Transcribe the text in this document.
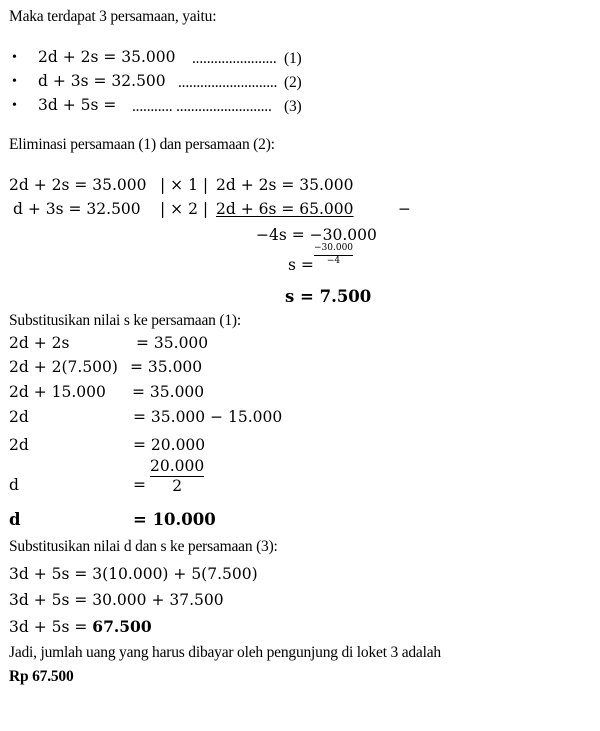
Maka terdapat 3 persamaan, yaitu:
• 2d + 2s = 35.000 ....................... (1)
• d + 3s = 32.500 ........................... (2)
• 3d + 5s = ........... .......................... (3)
Eliminasi persamaan (1) dan persamaan (2):
2d + 2s = 35.000 | × 1 | 2d + 2s = 35.000
d + 3s = 32.500 | × 2 | 2d + 6s = 65.000	−
−4s = −30.000
$s = \frac{-30.000}{-4}$
s = 7.500
Substitusikan nilai s ke persamaan (1):
2d + 2s	= 35.000
2d + 2(7.500) = 35.000
2d + 15.000 = 35.000
2d	= 35.000 − 15.000
2d	= 20.000
d	= $\frac{20.000}{2}$
d	= 10.000
Substitusikan nilai d dan s ke persamaan (3):
3d + 5s = 3(10.000) + 5(7.500)
3d + 5s = 30.000 + 37.500
3d + 5s = 67.500
Jadi, jumlah uang yang harus dibayar oleh pengunjung di loket 3 adalah
Rp 67.500
